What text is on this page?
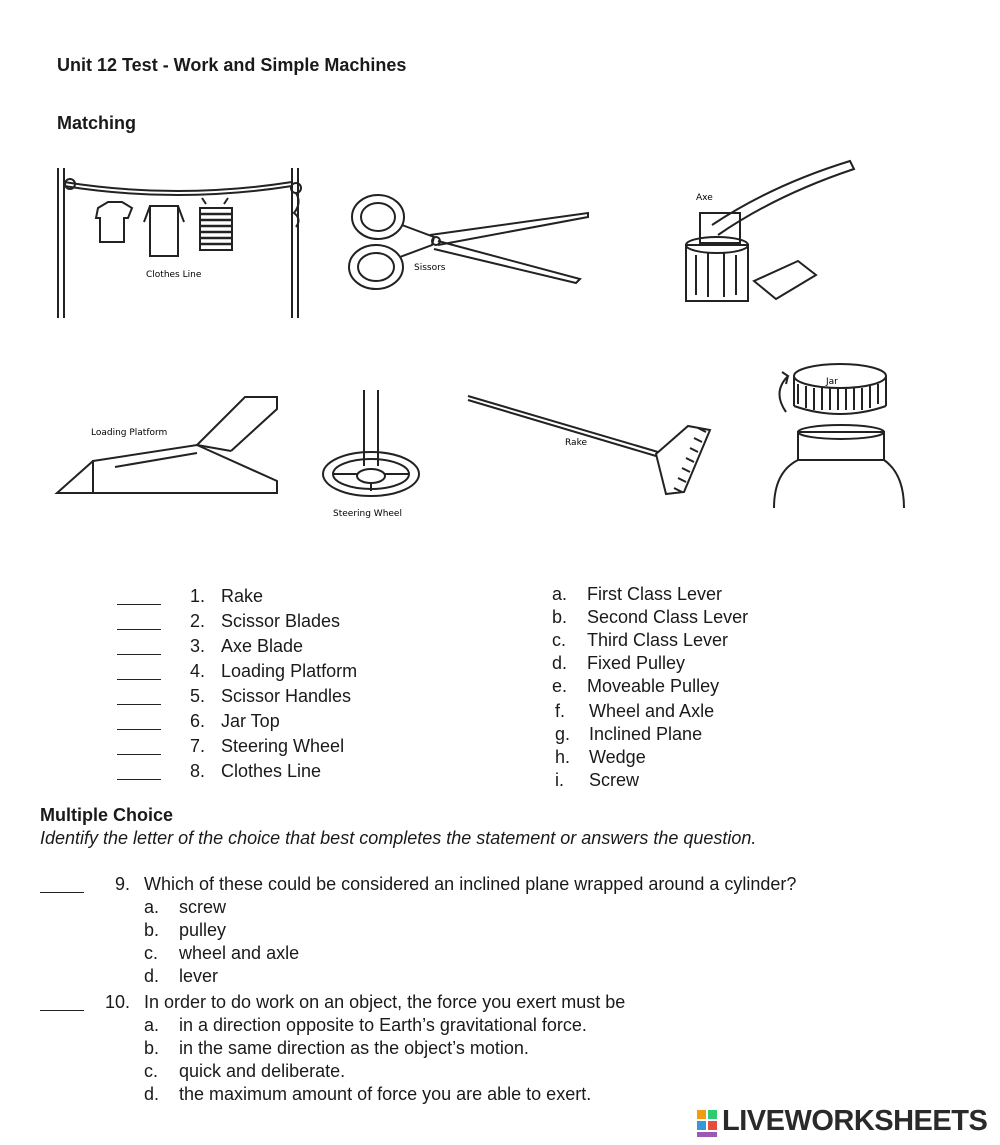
Unit 12 Test - Work and Simple Machines
Matching
Clothes Line
Sissors
Axe
Loading Platform
Steering Wheel
Rake
Jar
1. Rake
2. Scissor Blades
3. Axe Blade
4. Loading Platform
5. Scissor Handles
6. Jar Top
7. Steering Wheel
8. Clothes Line
a. First Class Lever
b. Second Class Lever
c. Third Class Lever
d. Fixed Pulley
e. Moveable Pulley
f. Wheel and Axle
g. Inclined Plane
h. Wedge
i. Screw
Multiple Choice
Identify the letter of the choice that best completes the statement or answers the question.
9. Which of these could be considered an inclined plane wrapped around a cylinder?
a. screw
b. pulley
c. wheel and axle
d. lever
10. In order to do work on an object, the force you exert must be
a. in a direction opposite to Earth’s gravitational force.
b. in the same direction as the object’s motion.
c. quick and deliberate.
d. the maximum amount of force you are able to exert.
LIVEWORKSHEETS
